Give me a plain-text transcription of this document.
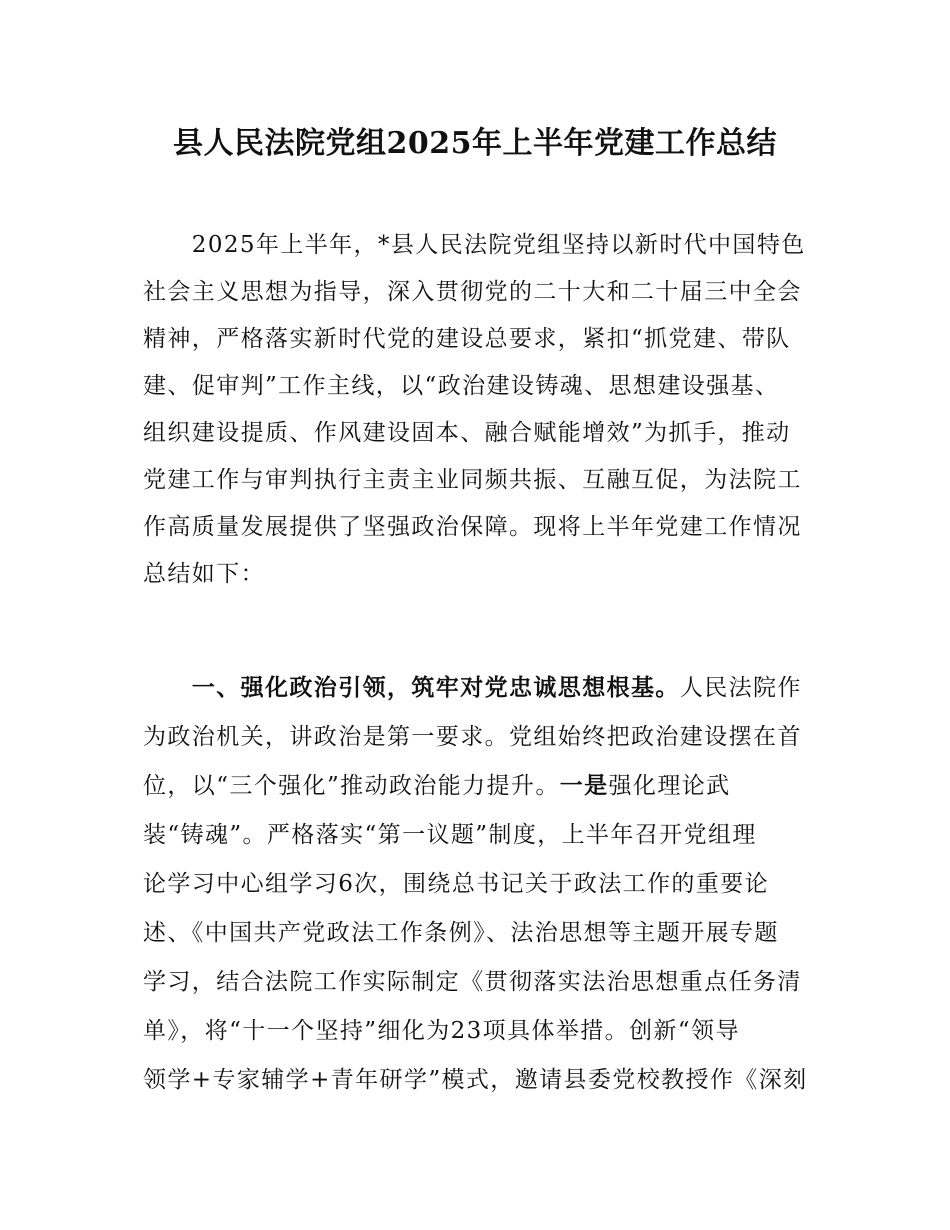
县人民法院党组2025年上半年党建工作总结
　　2025年上半年，*县人民法院党组坚持以新时代中国特色
社会主义思想为指导，深入贯彻党的二十大和二十届三中全会
精神，严格落实新时代党的建设总要求，紧扣“抓党建、带队
建、促审判”工作主线，以“政治建设铸魂、思想建设强基、
组织建设提质、作风建设固本、融合赋能增效”为抓手，推动
党建工作与审判执行主责主业同频共振、互融互促，为法院工
作高质量发展提供了坚强政治保障。现将上半年党建工作情况
总结如下：
　　一、强化政治引领，筑牢对党忠诚思想根基。人民法院作
为政治机关，讲政治是第一要求。党组始终把政治建设摆在首
位，以“三个强化”推动政治能力提升。一是强化理论武
装“铸魂”。严格落实“第一议题”制度，上半年召开党组理
论学习中心组学习6次，围绕总书记关于政法工作的重要论
述、《中国共产党政法工作条例》、法治思想等主题开展专题
学习，结合法院工作实际制定《贯彻落实法治思想重点任务清
单》，将“十一个坚持”细化为23项具体举措。创新“领导
领学+专家辅学+青年研学”模式，邀请县委党校教授作《深刻
